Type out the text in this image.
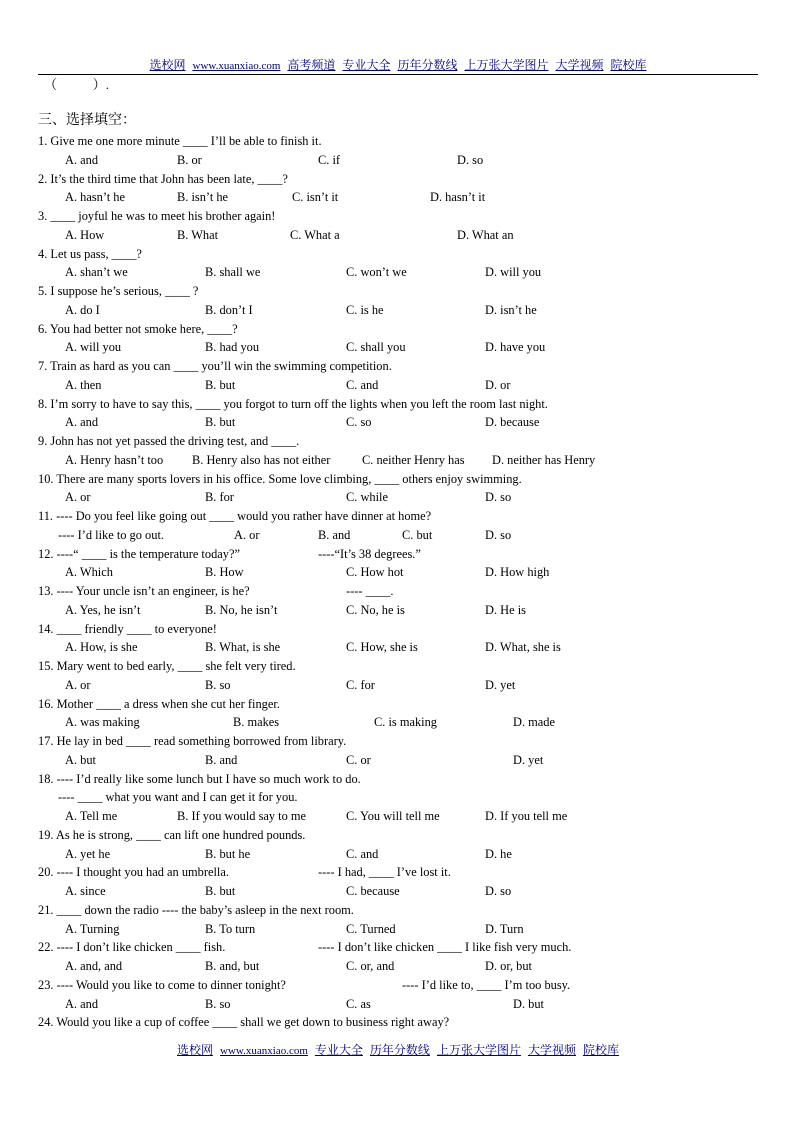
选校网 www.xuanxiao.com 高考频道 专业大全 历年分数线 上万张大学图片 大学视频 院校库
（           ）.
三、选择填空：
1. Give me one more minute ____ I’ll be able to finish it.
A. and	B. or	C. if	D. so
2. It’s the third time that John has been late, ____?
A. hasn’t he	B. isn’t he	C. isn’t it	D. hasn’t it
3. ____ joyful he was to meet his brother again!
A. How	B. What	C. What a	D. What an
4. Let us pass, ____?
A. shan’t we	B. shall we	C. won’t we	D. will you
5. I suppose he’s serious, ____ ?
A. do I	B. don’t I	C. is he	D. isn’t he
6. You had better not smoke here, ____?
A. will you	B. had you	C. shall you	D. have you
7. Train as hard as you can ____ you’ll win the swimming competition.
A. then	B. but	C. and	D. or
8. I’m sorry to have to say this, ____ you forgot to turn off the lights when you left the room last night.
A. and	B. but	C. so	D. because
9. John has not yet passed the driving test, and ____.
A. Henry hasn’t too B. Henry also has not either	C. neither Henry has D. neither has Henry
10. There are many sports lovers in his office. Some love climbing, ____ others enjoy swimming.
A. or	B. for	C. while	D. so
11. ---- Do you feel like going out ____ would you rather have dinner at home?
---- I’d like to go out.	A. or	B. and	C. but	D. so
12. ----“ ____ is the temperature today?”	----“It’s 38 degrees.”
A. Which	B. How	C. How hot	D. How high
13. ---- Your uncle isn’t an engineer, is he?	---- ____.
A. Yes, he isn’t	B. No, he isn’t	C. No, he is	D. He is
14. ____ friendly ____ to everyone!
A. How, is she	B. What, is she	C. How, she is	D. What, she is
15. Mary went to bed early, ____ she felt very tired.
A. or	B. so	C. for	D. yet
16. Mother ____ a dress when she cut her finger.
A. was making	B. makes	C. is making	D. made
17. He lay in bed ____ read something borrowed from library.
A. but	B. and	C. or	D. yet
18. ---- I’d really like some lunch but I have so much work to do.
---- ____ what you want and I can get it for you.
A. Tell me	B. If you would say to me	C. You will tell me	D. If you tell me
19. As he is strong, ____ can lift one hundred pounds.
A. yet he	B. but he	C. and	D. he
20. ---- I thought you had an umbrella.	---- I had, ____ I’ve lost it.
A. since	B. but	C. because	D. so
21. ____ down the radio ---- the baby’s asleep in the next room.
A. Turning	B. To turn	C. Turned	D. Turn
22. ---- I don’t like chicken ____ fish.	---- I don’t like chicken ____ I like fish very much.
A. and, and	B. and, but	C. or, and	D. or, but
23. ---- Would you like to come to dinner tonight?	---- I’d like to, ____ I’m too busy.
A. and	B. so	C. as	D. but
24. Would you like a cup of coffee ____ shall we get down to business right away?
选校网 www.xuanxiao.com 专业大全 历年分数线 上万张大学图片 大学视频 院校库
